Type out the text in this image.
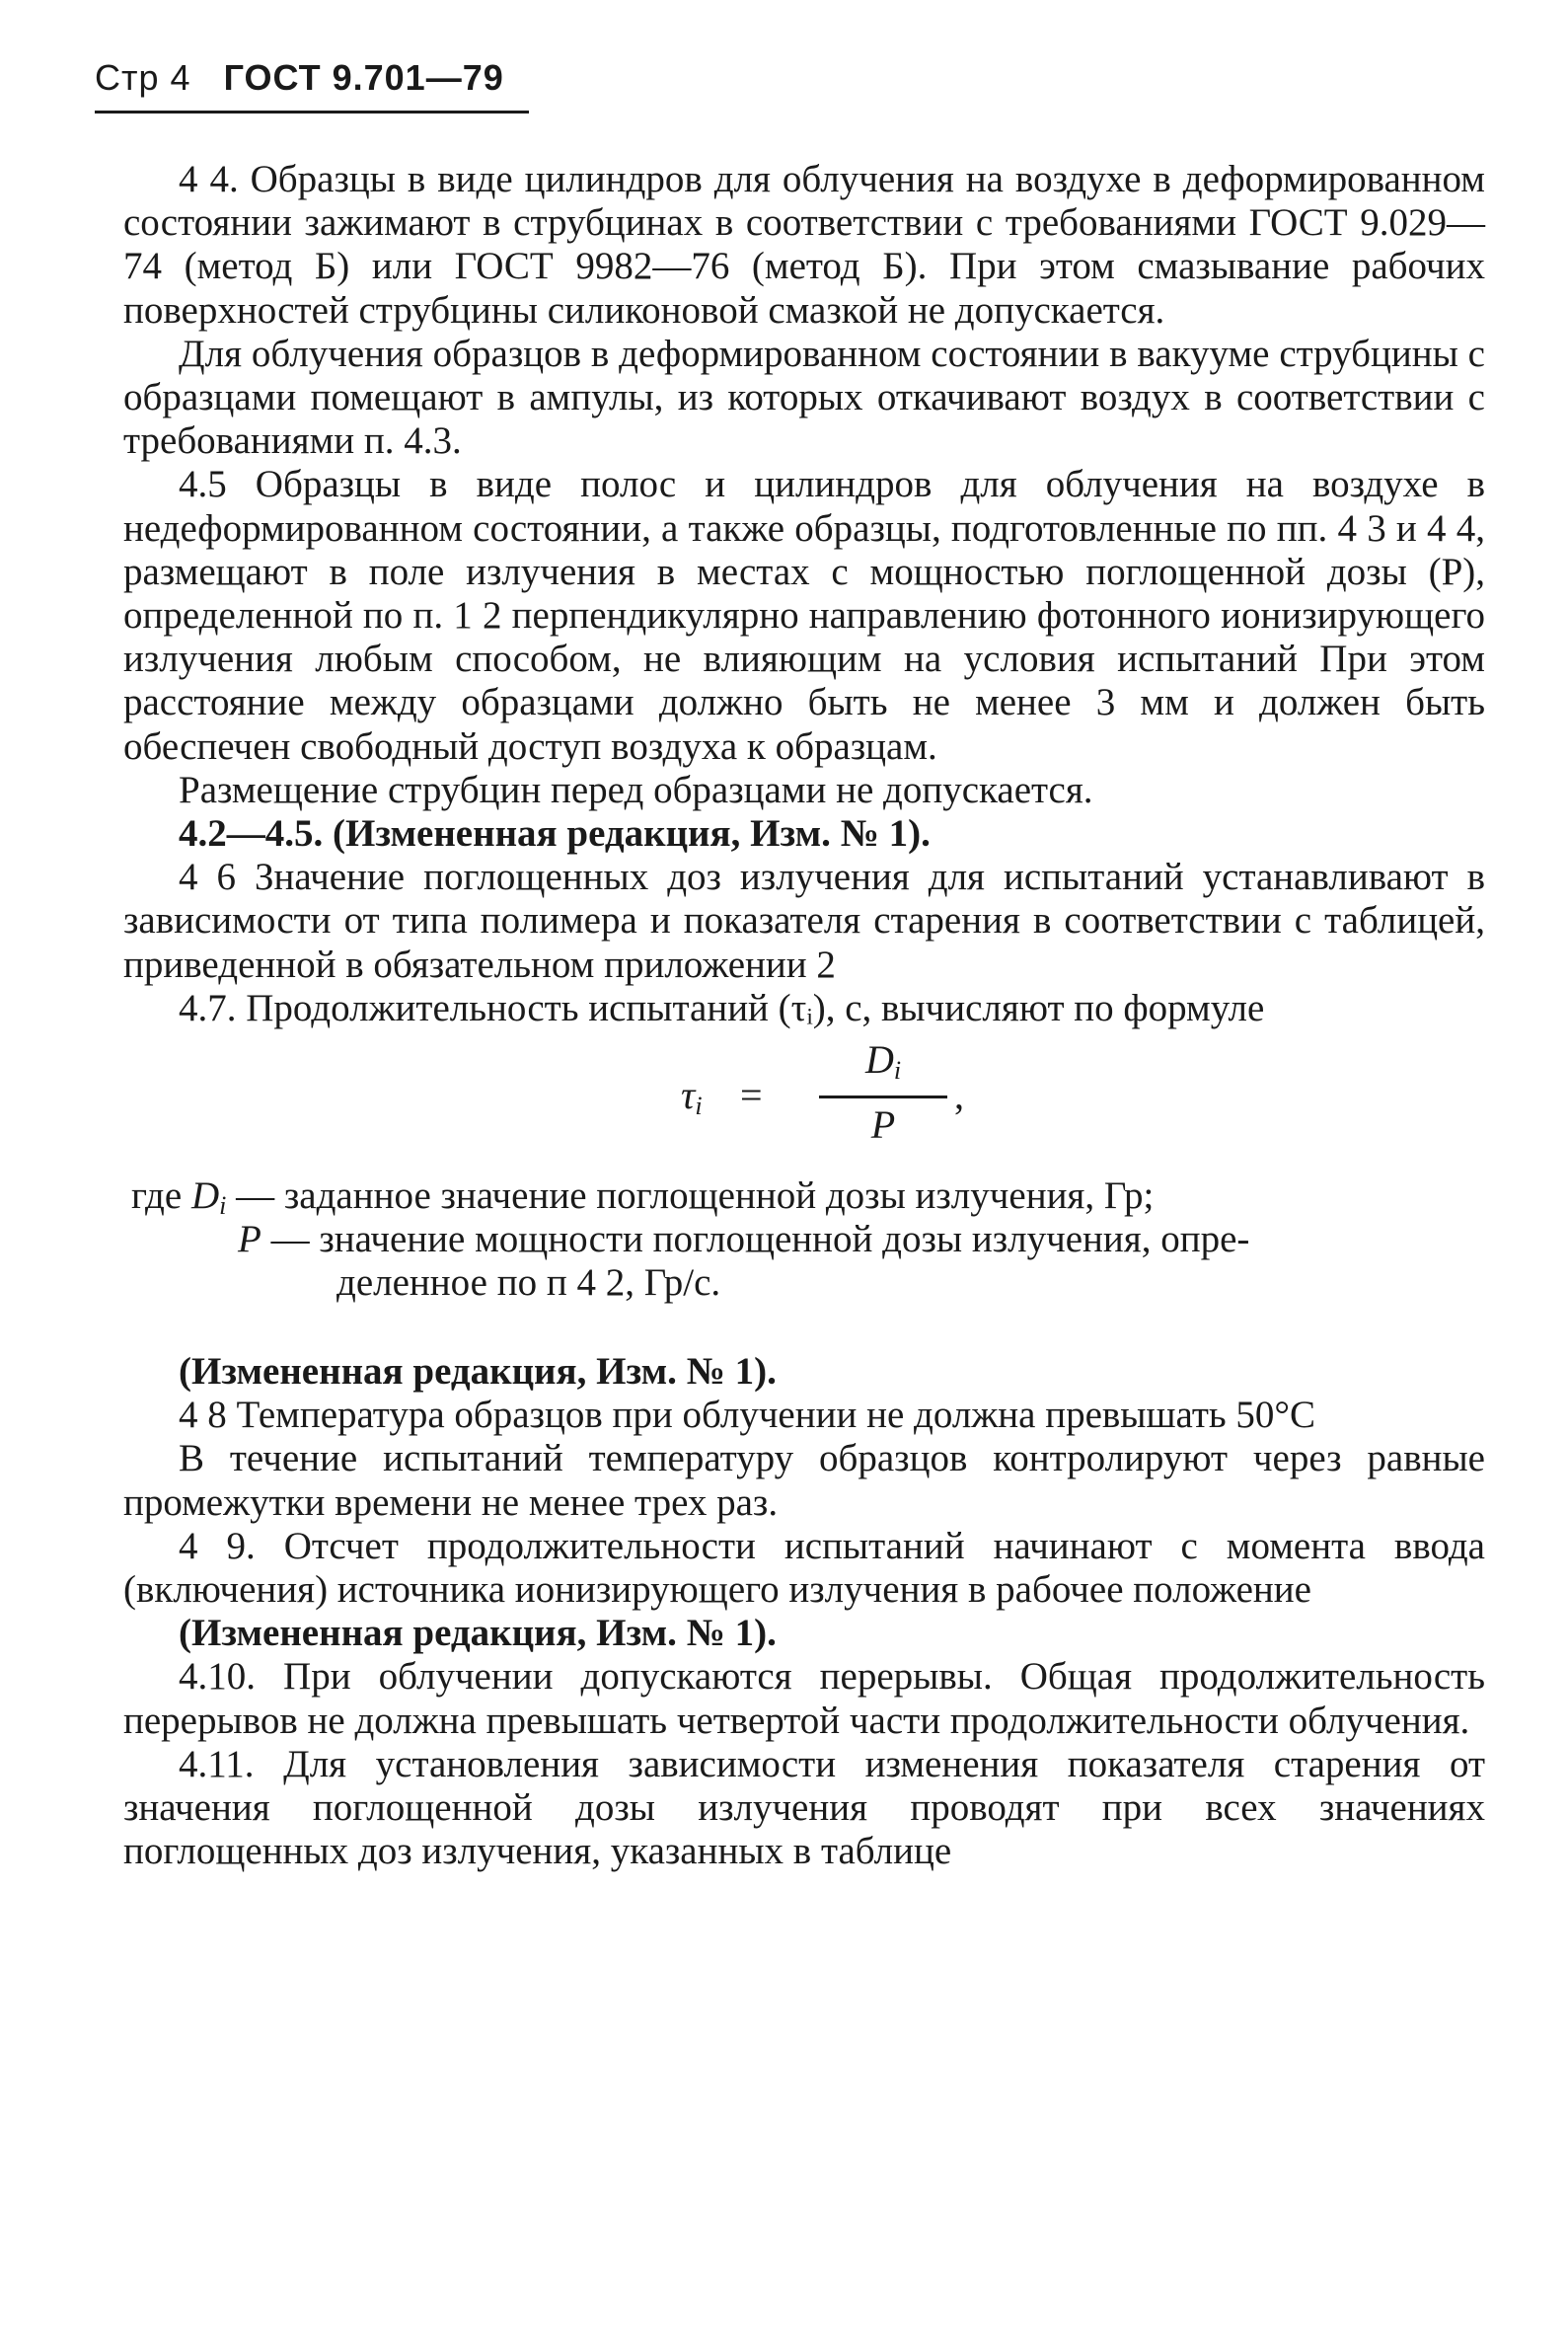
Стр 4 ГОСТ 9.701—79

4 4. Образцы в виде цилиндров для облучения на воздухе в деформированном состоянии зажимают в струбцинах в соответствии с требованиями ГОСТ 9.029—74 (метод Б) или ГОСТ 9982—76 (метод Б). При этом смазывание рабочих поверхностей струбцины силиконовой смазкой не допускается.

Для облучения образцов в деформированном состоянии в вакууме струбцины с образцами помещают в ампулы, из которых откачивают воздух в соответствии с требованиями п. 4.3.

4.5 Образцы в виде полос и цилиндров для облучения на воздухе в недеформированном состоянии, а также образцы, подготовленные по пп. 4 3 и 4 4, размещают в поле излучения в местах с мощностью поглощенной дозы (Р), определенной по п. 1 2 перпендикулярно направлению фотонного ионизирующего излучения любым способом, не влияющим на условия испытаний При этом расстояние между образцами должно быть не менее 3 мм и должен быть обеспечен свободный доступ воздуха к образцам.

Размещение струбцин перед образцами не допускается.

4.2—4.5. (Измененная редакция, Изм. № 1).

4 6 Значение поглощенных доз излучения для испытаний устанавливают в зависимости от типа полимера и показателя старения в соответствии с таблицей, приведенной в обязательном приложении 2

4.7. Продолжительность испытаний (τᵢ), с, вычисляют по формуле

$\tau_i$ =
$D_i$
P
,
где $D_i$ — заданное значение поглощенной дозы излучения, Гр;
P — значение мощности поглощенной дозы излучения, опре-
деленное по п 4 2, Гр/с.

(Измененная редакция, Изм. № 1).

4 8 Температура образцов при облучении не должна превышать 50°С

В течение испытаний температуру образцов контролируют через равные промежутки времени не менее трех раз.

4 9. Отсчет продолжительности испытаний начинают с момента ввода (включения) источника ионизирующего излучения в рабочее положение

(Измененная редакция, Изм. № 1).

4.10. При облучении допускаются перерывы. Общая продолжительность перерывов не должна превышать четвертой части продолжительности облучения.

4.11. Для установления зависимости изменения показателя старения от значения поглощенной дозы излучения проводят при всех значениях поглощенных доз излучения, указанных в таблице
